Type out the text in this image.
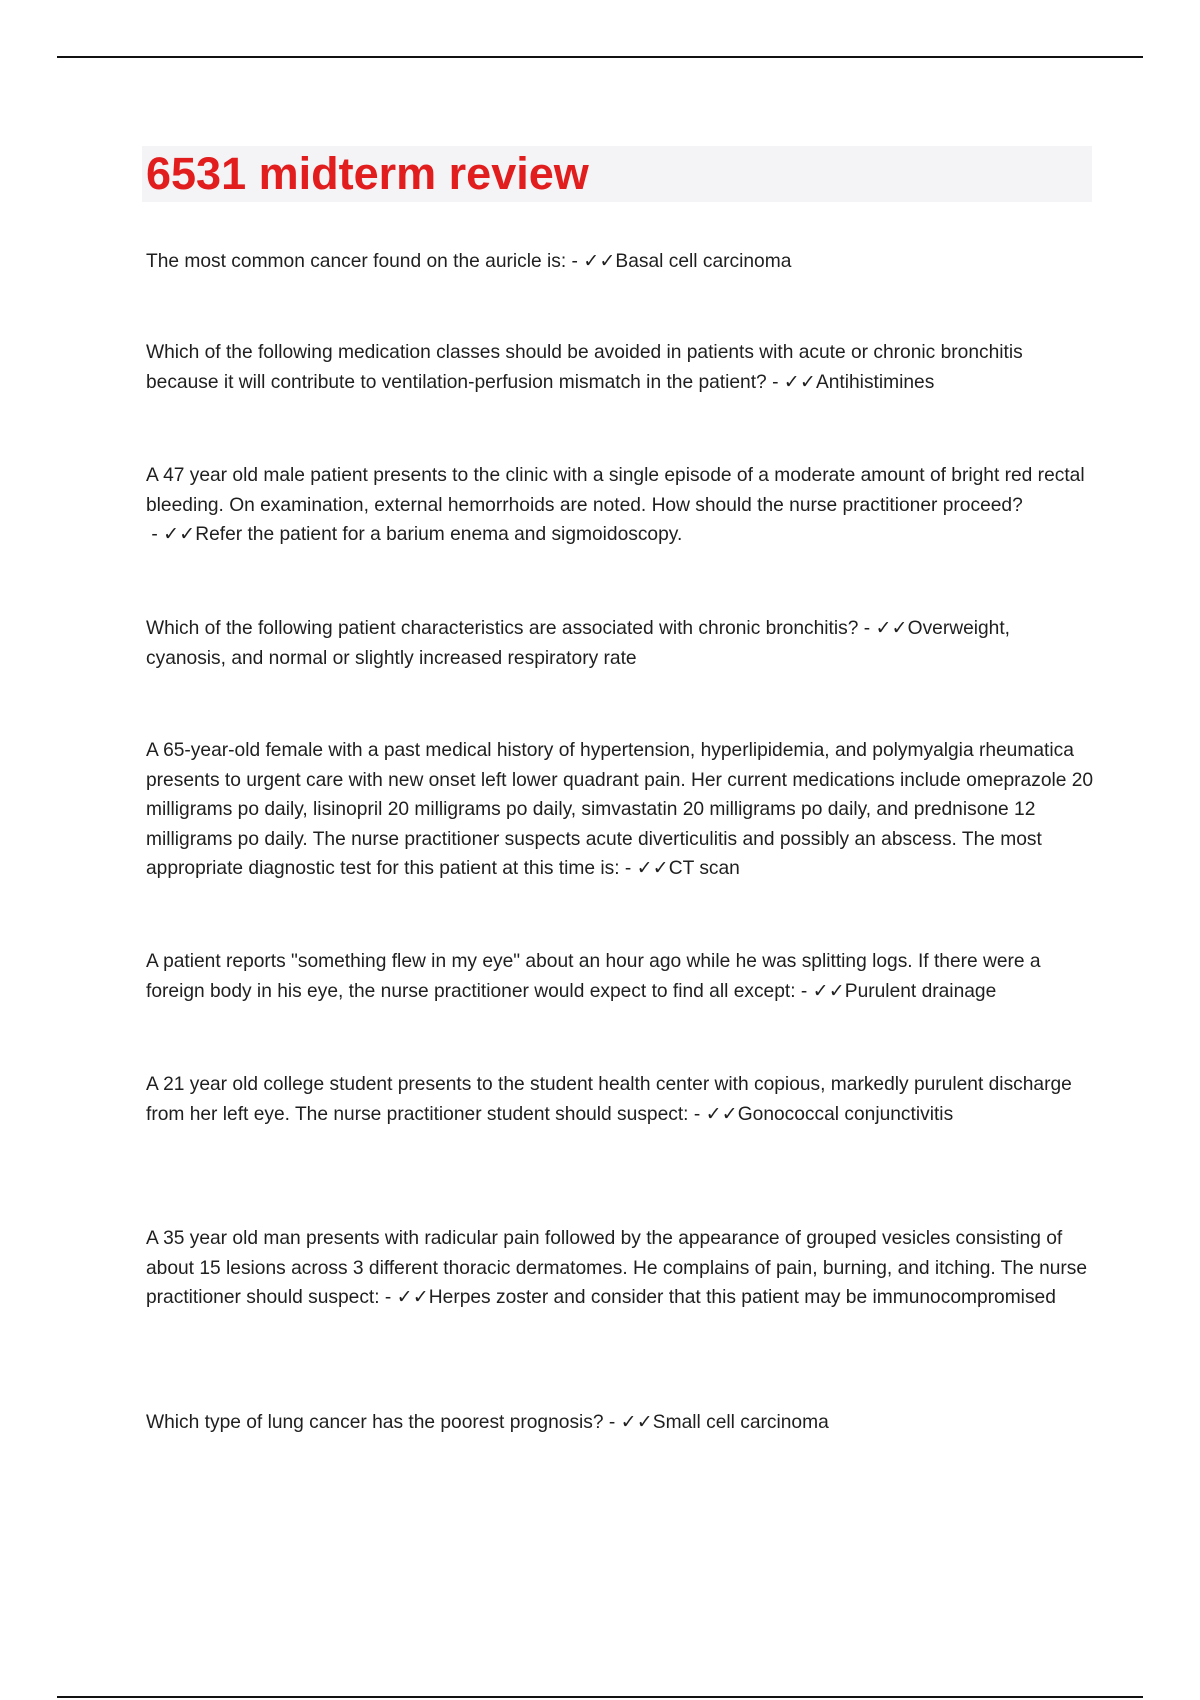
6531 midterm review

The most common cancer found on the auricle is: - ✓✓Basal cell carcinoma

Which of the following medication classes should be avoided in patients with acute or chronic bronchitis because it will contribute to ventilation-perfusion mismatch in the patient? - ✓✓Antihistimines

A 47 year old male patient presents to the clinic with a single episode of a moderate amount of bright red rectal bleeding. On examination, external hemorrhoids are noted. How should the nurse practitioner proceed? - ✓✓Refer the patient for a barium enema and sigmoidoscopy.

Which of the following patient characteristics are associated with chronic bronchitis? - ✓✓Overweight, cyanosis, and normal or slightly increased respiratory rate

A 65-year-old female with a past medical history of hypertension, hyperlipidemia, and polymyalgia rheumatica presents to urgent care with new onset left lower quadrant pain. Her current medications include omeprazole 20 milligrams po daily, lisinopril 20 milligrams po daily, simvastatin 20 milligrams po daily, and prednisone 12 milligrams po daily. The nurse practitioner suspects acute diverticulitis and possibly an abscess. The most appropriate diagnostic test for this patient at this time is: - ✓✓CT scan

A patient reports "something flew in my eye" about an hour ago while he was splitting logs. If there were a foreign body in his eye, the nurse practitioner would expect to find all except: - ✓✓Purulent drainage

A 21 year old college student presents to the student health center with copious, markedly purulent discharge from her left eye. The nurse practitioner student should suspect: - ✓✓Gonococcal conjunctivitis

A 35 year old man presents with radicular pain followed by the appearance of grouped vesicles consisting of about 15 lesions across 3 different thoracic dermatomes. He complains of pain, burning, and itching. The nurse practitioner should suspect: - ✓✓Herpes zoster and consider that this patient may be immunocompromised

Which type of lung cancer has the poorest prognosis? - ✓✓Small cell carcinoma
